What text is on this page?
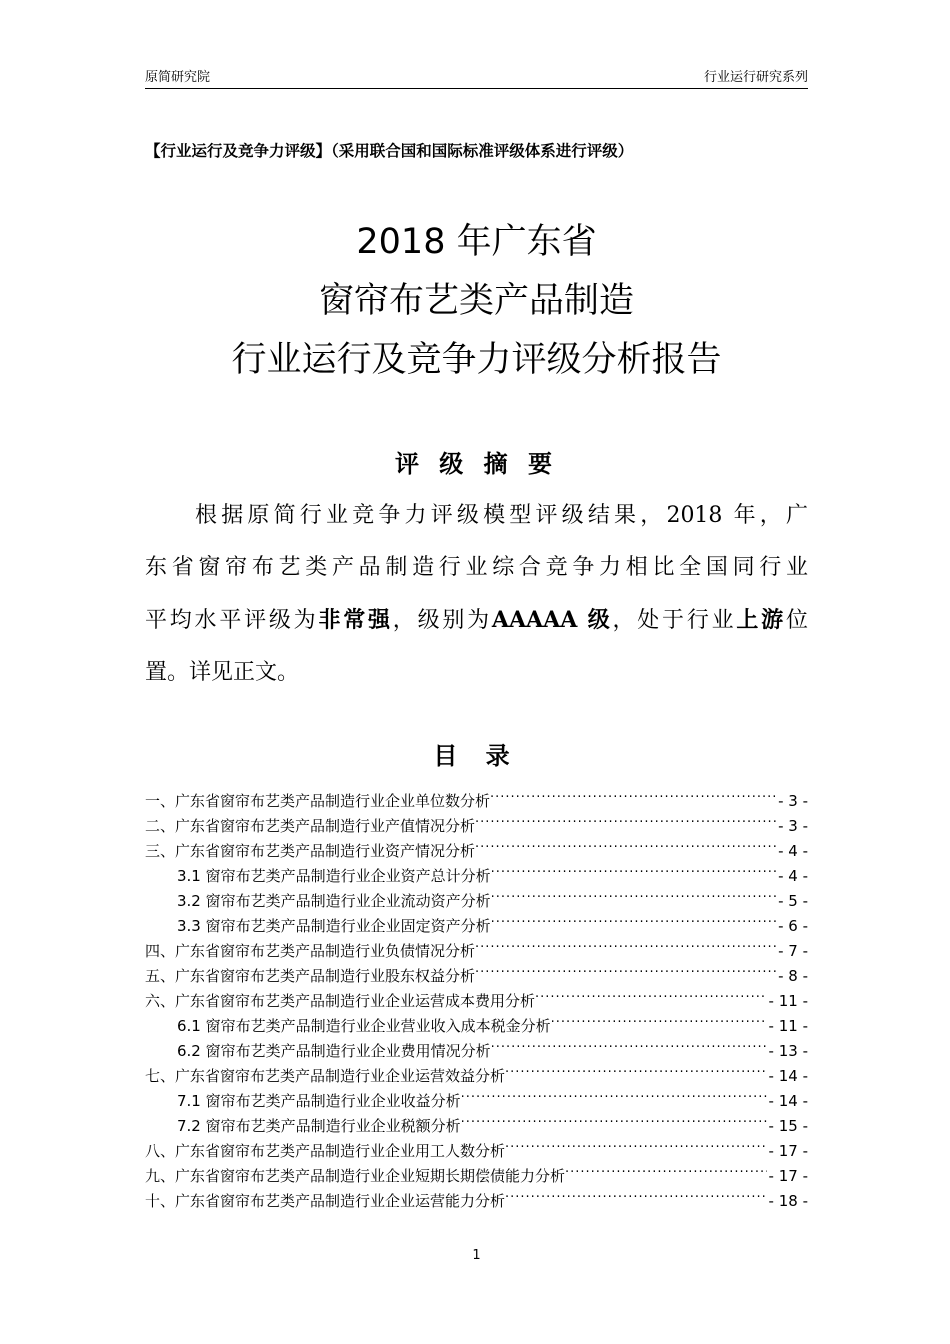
原简研究院	行业运行研究系列
【行业运行及竞争力评级】（采用联合国和国际标准评级体系进行评级）
2018 年广东省
窗帘布艺类产品制造
行业运行及竞争力评级分析报告
评 级 摘 要
根据原简行业竞争力评级模型评级结果，2018 年，广
东省窗帘布艺类产品制造行业综合竞争力相比全国同行业
平均水平评级为非常强，级别为AAAAA 级，处于行业上游位
置。详见正文。
目 录
一、广东省窗帘布艺类产品制造行业企业单位数分析 .....	- 3 -
二、广东省窗帘布艺类产品制造行业产值情况分析 .....	- 3 -
三、广东省窗帘布艺类产品制造行业资产情况分析 .....	- 4 -
3.1 窗帘布艺类产品制造行业企业资产总计分析 .....	- 4 -
3.2 窗帘布艺类产品制造行业企业流动资产分析 .....	- 5 -
3.3 窗帘布艺类产品制造行业企业固定资产分析 .....	- 6 -
四、广东省窗帘布艺类产品制造行业负债情况分析 .....	- 7 -
五、广东省窗帘布艺类产品制造行业股东权益分析 .....	- 8 -
六、广东省窗帘布艺类产品制造行业企业运营成本费用分析 .....	- 11 -
6.1 窗帘布艺类产品制造行业企业营业收入成本税金分析 .....	- 11 -
6.2 窗帘布艺类产品制造行业企业费用情况分析 .....	- 13 -
七、广东省窗帘布艺类产品制造行业企业运营效益分析 .....	- 14 -
7.1 窗帘布艺类产品制造行业企业收益分析 .....	- 14 -
7.2 窗帘布艺类产品制造行业企业税额分析 .....	- 15 -
八、广东省窗帘布艺类产品制造行业企业用工人数分析 .....	- 17 -
九、广东省窗帘布艺类产品制造行业企业短期长期偿债能力分析 .....	- 17 -
十、广东省窗帘布艺类产品制造行业企业运营能力分析 .....	- 18 -
1
